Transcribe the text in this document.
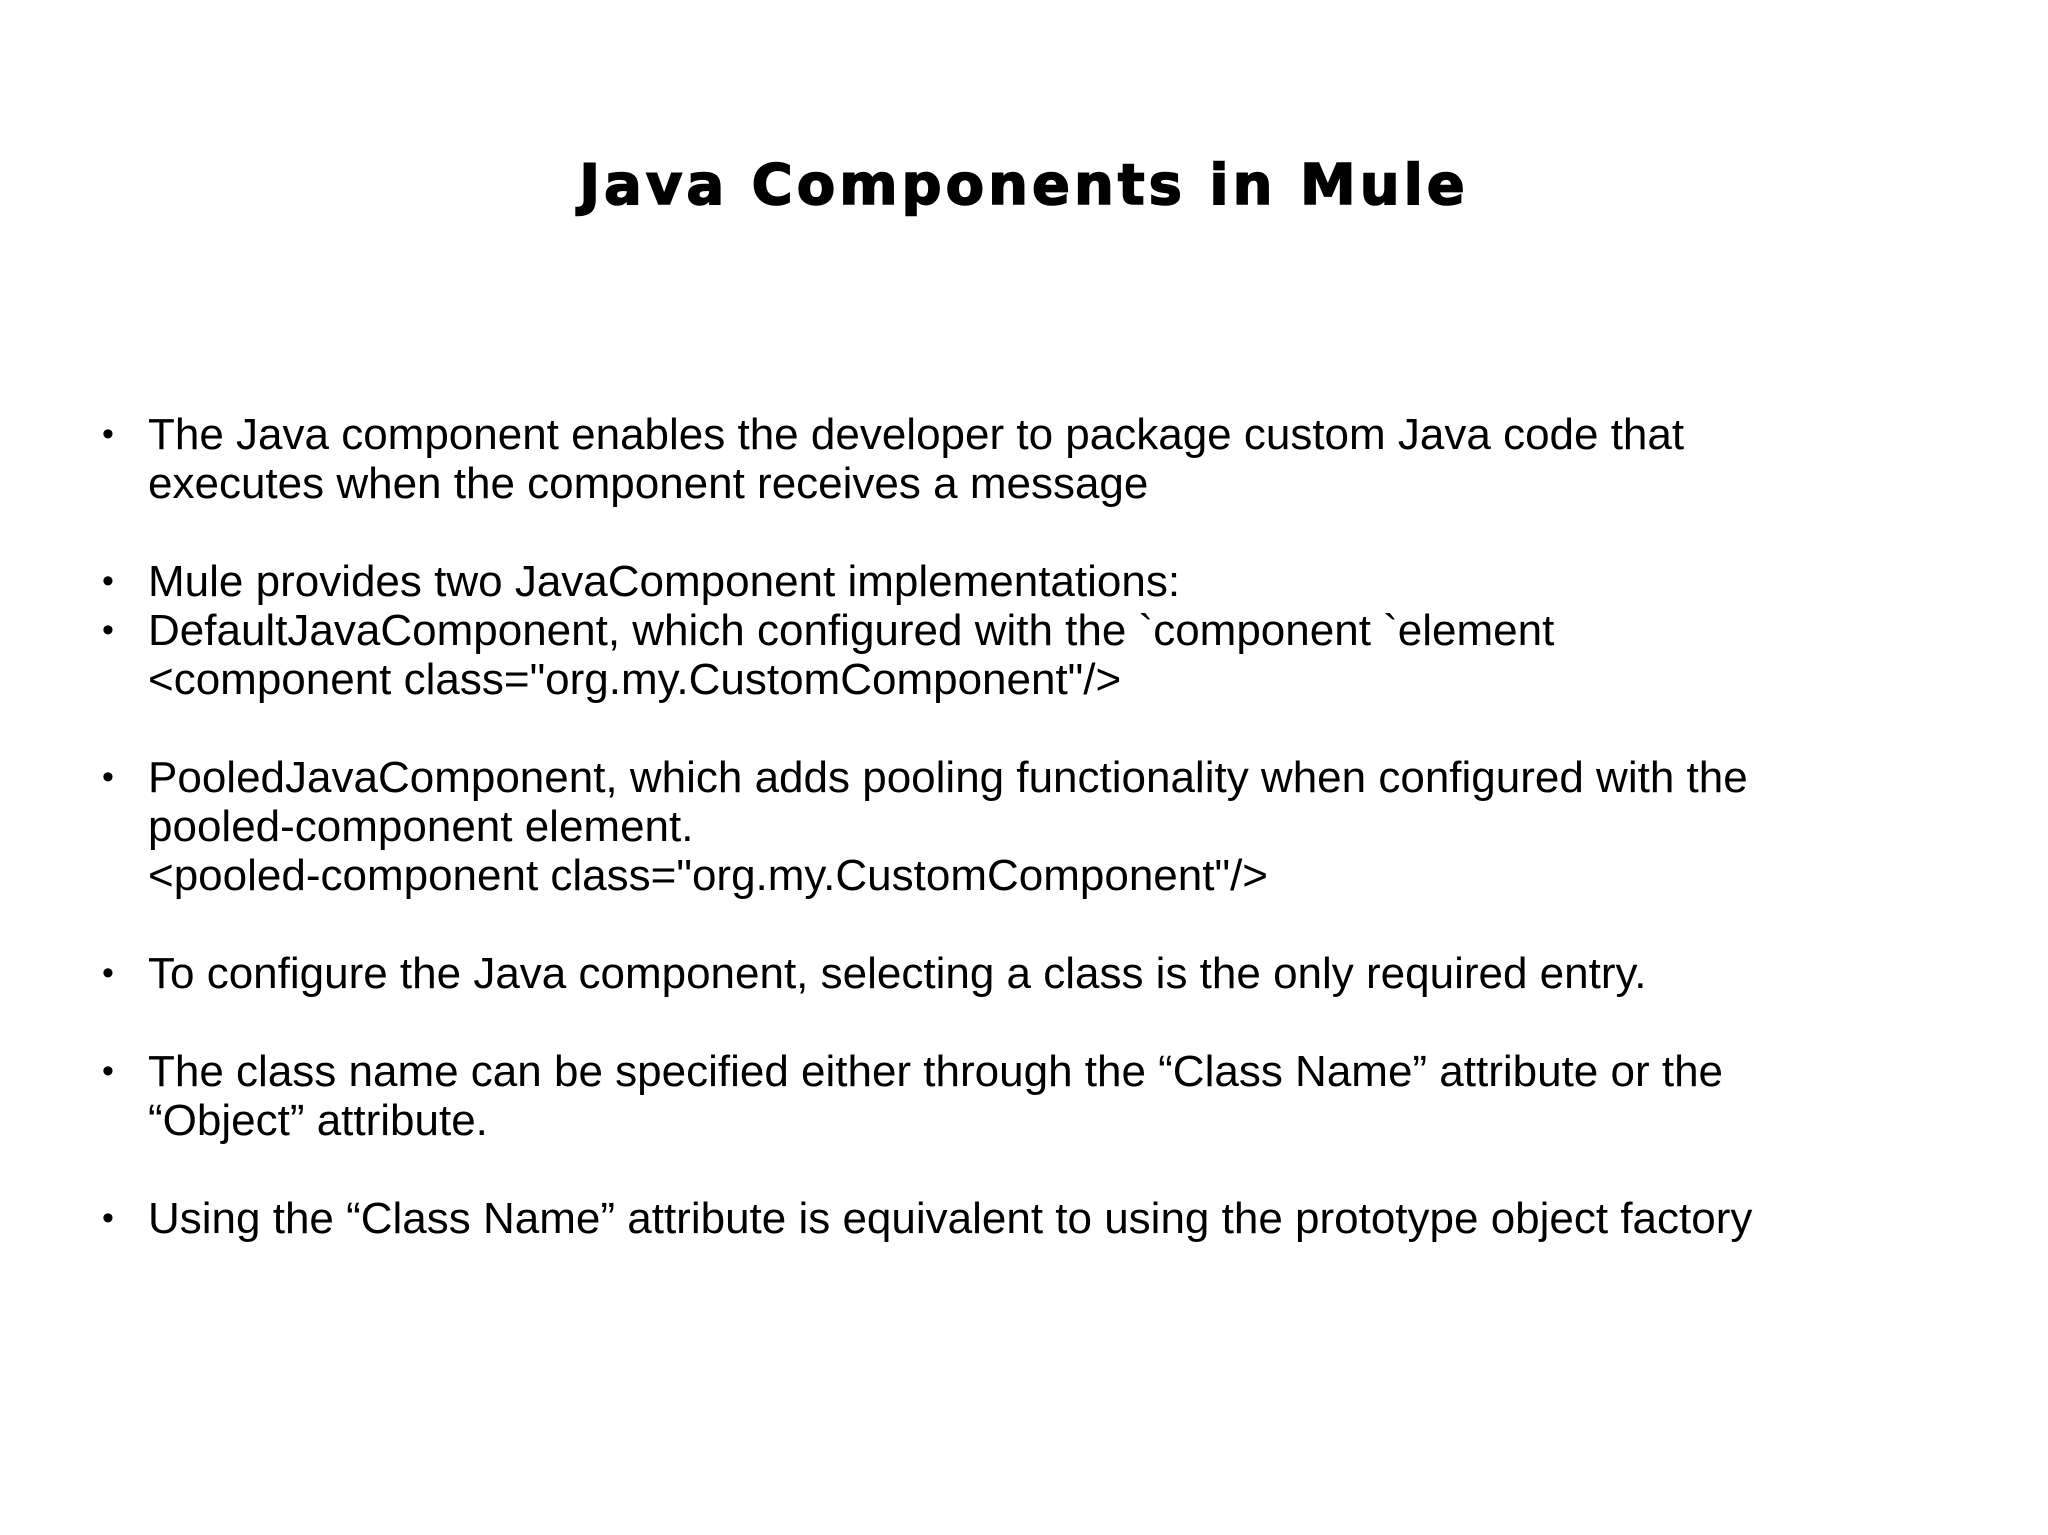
Java Components in Mule
• The Java component enables the developer to package custom Java code that
executes when the component receives a message
• Mule provides two JavaComponent implementations:
• DefaultJavaComponent, which configured with the `component `element
<component class="org.my.CustomComponent"/>
• PooledJavaComponent, which adds pooling functionality when configured with the
pooled-component element.
<pooled-component class="org.my.CustomComponent"/>
• To configure the Java component, selecting a class is the only required entry.
• The class name can be specified either through the “Class Name” attribute or the
“Object” attribute.
• Using the “Class Name” attribute is equivalent to using the prototype object factory
